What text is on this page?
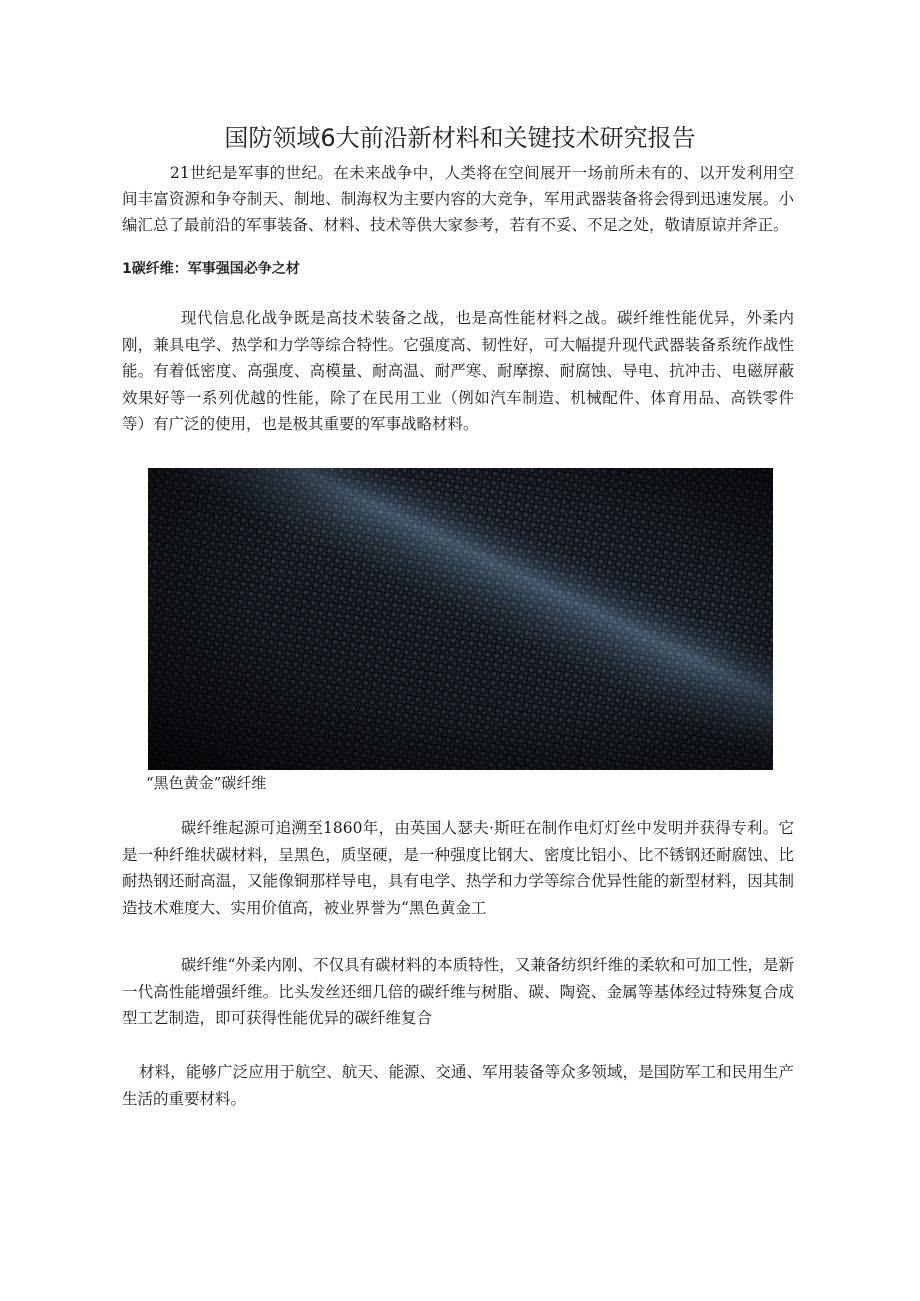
国防领域6大前沿新材料和关键技术研究报告

21世纪是军事的世纪。在未来战争中，人类将在空间展开一场前所未有的、以开发利用空间丰富资源和争夺制天、制地、制海权为主要内容的大竞争，军用武器装备将会得到迅速发展。小编汇总了最前沿的军事装备、材料、技术等供大家参考，若有不妥、不足之处，敬请原谅并斧正。

1碳纤维：军事强国必争之材

现代信息化战争既是高技术装备之战，也是高性能材料之战。碳纤维性能优异，外柔内刚，兼具电学、热学和力学等综合特性。它强度高、韧性好，可大幅提升现代武器装备系统作战性能。有着低密度、高强度、高模量、耐高温、耐严寒、耐摩擦、耐腐蚀、导电、抗冲击、电磁屏蔽效果好等一系列优越的性能，除了在民用工业（例如汽车制造、机械配件、体育用品、高铁零件等）有广泛的使用，也是极其重要的军事战略材料。

“黑色黄金”碳纤维

碳纤维起源可追溯至1860年，由英国人瑟夫·斯旺在制作电灯灯丝中发明并获得专利。它是一种纤维状碳材料，呈黑色，质坚硬，是一种强度比钢大、密度比铝小、比不锈钢还耐腐蚀、比耐热钢还耐高温，又能像铜那样导电，具有电学、热学和力学等综合优异性能的新型材料，因其制造技术难度大、实用价值高，被业界誉为“黑色黄金工

碳纤维“外柔内刚、不仅具有碳材料的本质特性，又兼备纺织纤维的柔软和可加工性，是新一代高性能增强纤维。比头发丝还细几倍的碳纤维与树脂、碳、陶瓷、金属等基体经过特殊复合成型工艺制造，即可获得性能优异的碳纤维复合

材料，能够广泛应用于航空、航天、能源、交通、军用装备等众多领域，是国防军工和民用生产生活的重要材料。
